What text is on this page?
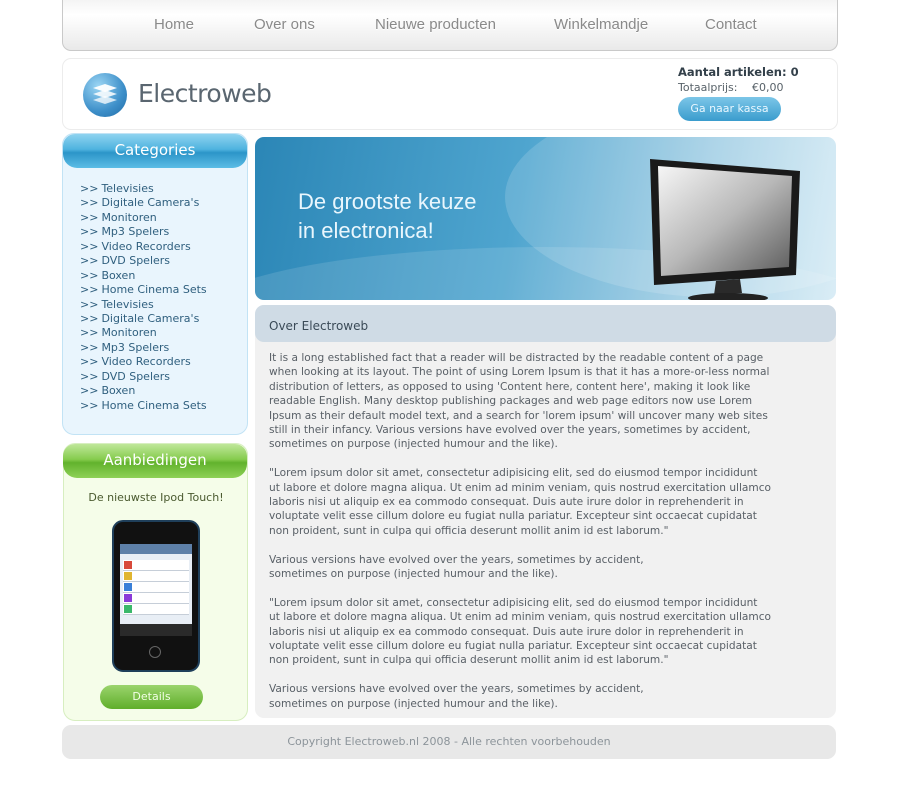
Home	Over ons	Nieuwe producten	Winkelmandje	Contact
Electroweb
Aantal artikelen: 0
Totaalprijs: €0,00
Ga naar kassa
Categories
>> Televisies
>> Digitale Camera's
>> Monitoren
>> Mp3 Spelers
>> Video Recorders
>> DVD Spelers
>> Boxen
>> Home Cinema Sets
>> Televisies
>> Digitale Camera's
>> Monitoren
>> Mp3 Spelers
>> Video Recorders
>> DVD Spelers
>> Boxen
>> Home Cinema Sets
Aanbiedingen
De nieuwste Ipod Touch!
Details
De grootste keuze
in electronica!
Over Electroweb

It is a long established fact that a reader will be distracted by the readable content of a page
when looking at its layout. The point of using Lorem Ipsum is that it has a more-or-less normal
distribution of letters, as opposed to using 'Content here, content here', making it look like
readable English. Many desktop publishing packages and web page editors now use Lorem
Ipsum as their default model text, and a search for 'lorem ipsum' will uncover many web sites
still in their infancy. Various versions have evolved over the years, sometimes by accident,
sometimes on purpose (injected humour and the like).

"Lorem ipsum dolor sit amet, consectetur adipisicing elit, sed do eiusmod tempor incididunt
ut labore et dolore magna aliqua. Ut enim ad minim veniam, quis nostrud exercitation ullamco
laboris nisi ut aliquip ex ea commodo consequat. Duis aute irure dolor in reprehenderit in
voluptate velit esse cillum dolore eu fugiat nulla pariatur. Excepteur sint occaecat cupidatat
non proident, sunt in culpa qui officia deserunt mollit anim id est laborum."

Various versions have evolved over the years, sometimes by accident,
sometimes on purpose (injected humour and the like).

"Lorem ipsum dolor sit amet, consectetur adipisicing elit, sed do eiusmod tempor incididunt
ut labore et dolore magna aliqua. Ut enim ad minim veniam, quis nostrud exercitation ullamco
laboris nisi ut aliquip ex ea commodo consequat. Duis aute irure dolor in reprehenderit in
voluptate velit esse cillum dolore eu fugiat nulla pariatur. Excepteur sint occaecat cupidatat
non proident, sunt in culpa qui officia deserunt mollit anim id est laborum."

Various versions have evolved over the years, sometimes by accident,
sometimes on purpose (injected humour and the like).

Copyright Electroweb.nl 2008 - Alle rechten voorbehouden
